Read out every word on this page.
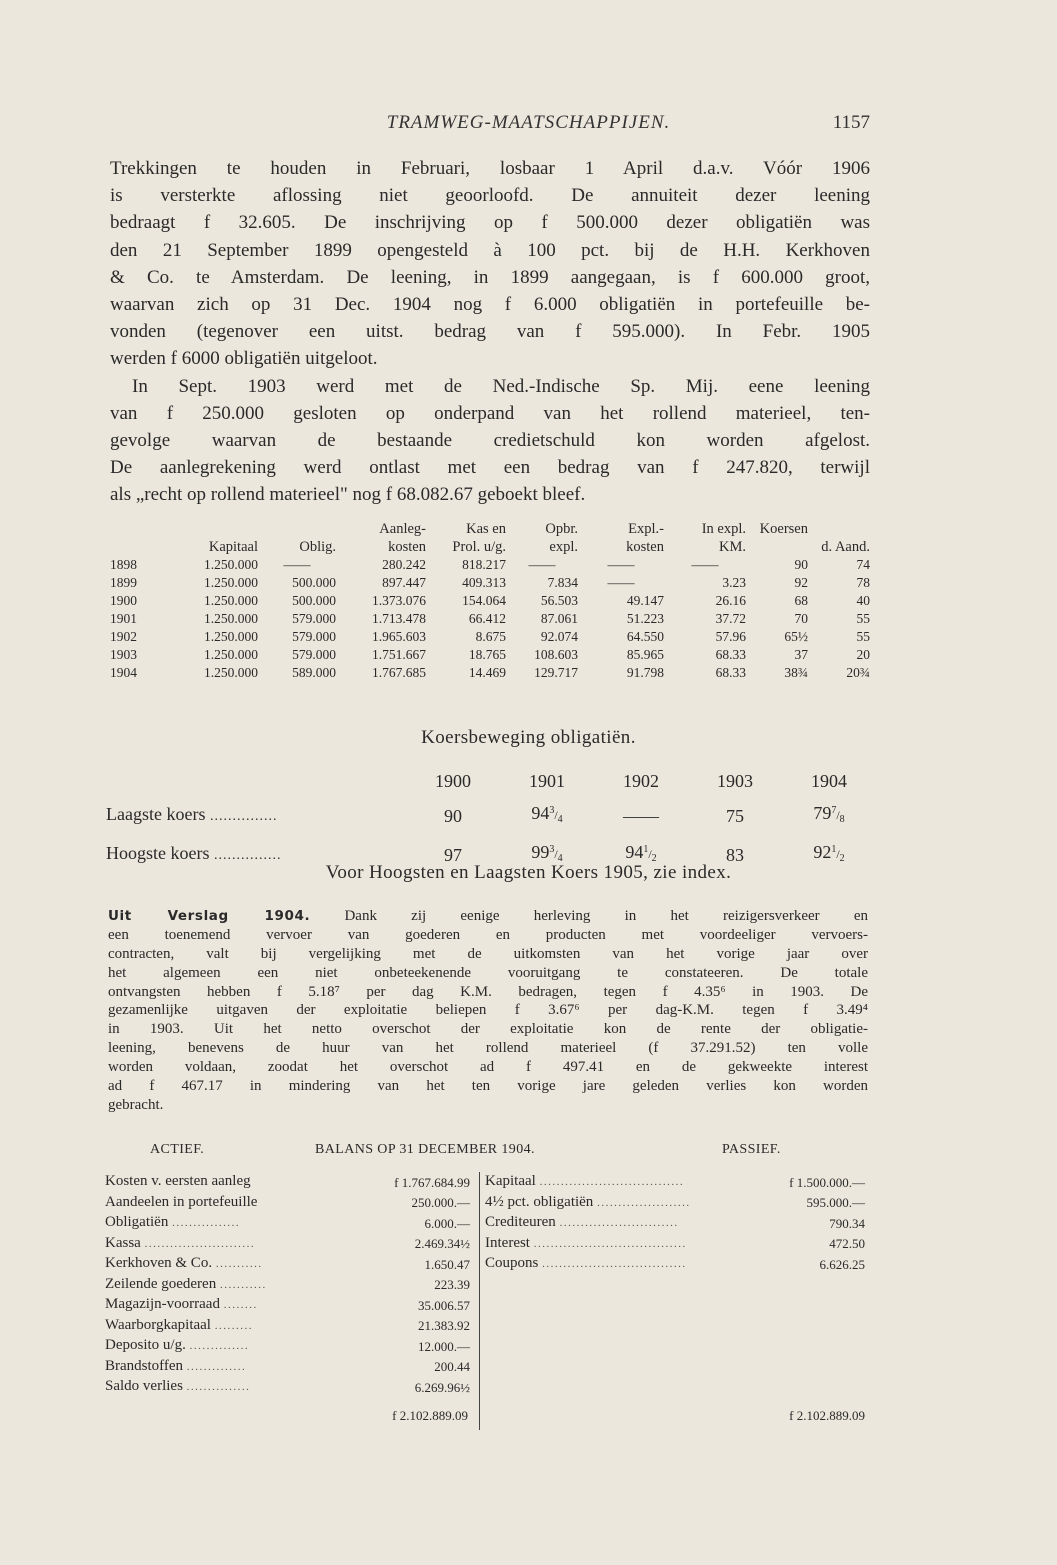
TRAMWEG-MAATSCHAPPIJEN.	1157
Trekkingen te houden in Februari, losbaar 1 April d.a.v. Vóór 1906
is versterkte aflossing niet geoorloofd. De annuiteit dezer leening
bedraagt f 32.605. De inschrijving op f 500.000 dezer obligatiën was
den 21 September 1899 opengesteld à 100 pct. bij de H.H. Kerkhoven
& Co. te Amsterdam. De leening, in 1899 aangegaan, is f 600.000 groot,
waarvan zich op 31 Dec. 1904 nog f 6.000 obligatiën in portefeuille be-
vonden (tegenover een uitst. bedrag van f 595.000). In Febr. 1905
werden f 6000 obligatiën uitgeloot.
In Sept. 1903 werd met de Ned.-Indische Sp. Mij. eene leening
van f 250.000 gesloten op onderpand van het rollend materieel, ten-
gevolge waarvan de bestaande credietschuld kon worden afgelost.
De aanlegrekening werd ontlast met een bedrag van f 247.820, terwijl
als „recht op rollend materieel" nog f 68.082.67 geboekt bleef.
			Aanleg-	Kas en	Opbr.	Expl.-	In expl.	Koersen	
	Kapitaal	Oblig.	kosten	Prol. u/g.	expl.	kosten	KM.	d. Aand.	
1898	1.250.000	——	280.242	818.217	——	——	——	90	74
1899	1.250.000	500.000	897.447	409.313	7.834	——	3.23	92	78
1900	1.250.000	500.000	1.373.076	154.064	56.503	49.147	26.16	68	40
1901	1.250.000	579.000	1.713.478	66.412	87.061	51.223	37.72	70	55
1902	1.250.000	579.000	1.965.603	8.675	92.074	64.550	57.96	65½	55
1903	1.250.000	579.000	1.751.667	18.765	108.603	85.965	68.33	37	20
1904	1.250.000	589.000	1.767.685	14.469	129.717	91.798	68.33	38¾	20¾
Koersbeweging obligatiën.
	1900	1901	1902	1903	1904
Laagste koers ...............	90	$94^3/_4$	——	75	$79^7/_8$
Hoogste koers ...............	97	$99^3/_4$	$94^1/_2$	83	$92^1/_2$
Voor Hoogsten en Laagsten Koers 1905, zie index.
Uit Verslag 1904. Dank zij eenige herleving in het reizigersverkeer en
een toenemend vervoer van goederen en producten met voordeeliger vervoers-
contracten, valt bij vergelijking met de uitkomsten van het vorige jaar over
het algemeen een niet onbeteekenende vooruitgang te constateeren. De totale
ontvangsten hebben f 5.18⁷ per dag K.M. bedragen, tegen f 4.35⁶ in 1903. De
gezamenlijke uitgaven der exploitatie beliepen f 3.67⁶ per dag-K.M. tegen f 3.49⁴
in 1903. Uit het netto overschot der exploitatie kon de rente der obligatie-
leening, benevens de huur van het rollend materieel (f 37.291.52) ten volle
worden voldaan, zoodat het overschot ad f 497.41 en de gekweekte interest
ad f 467.17 in mindering van het ten vorige jare geleden verlies kon worden
gebracht.
ACTIEF.	BALANS OP 31 DECEMBER 1904.	PASSIEF.
Kosten v. eersten aanleg	f 1.767.684.99
Aandeelen in portefeuille	250.000.—
Obligatiën ................	6.000.—
Kassa ..........................	2.469.34½
Kerkhoven & Co. ...........	1.650.47
Zeilende goederen ...........	223.39
Magazijn-voorraad ........	35.006.57
Waarborgkapitaal .........	21.383.92
Deposito u/g. ..............	12.000.—
Brandstoffen ..............	200.44
Saldo verlies ...............	6.269.96½
Kapitaal ..................................	f 1.500.000.—
4½ pct. obligatiën ......................	595.000.—
Crediteuren ............................	790.34
Interest ....................................	472.50
Coupons ..................................	6.626.25
f 2.102.889.09	f 2.102.889.09
